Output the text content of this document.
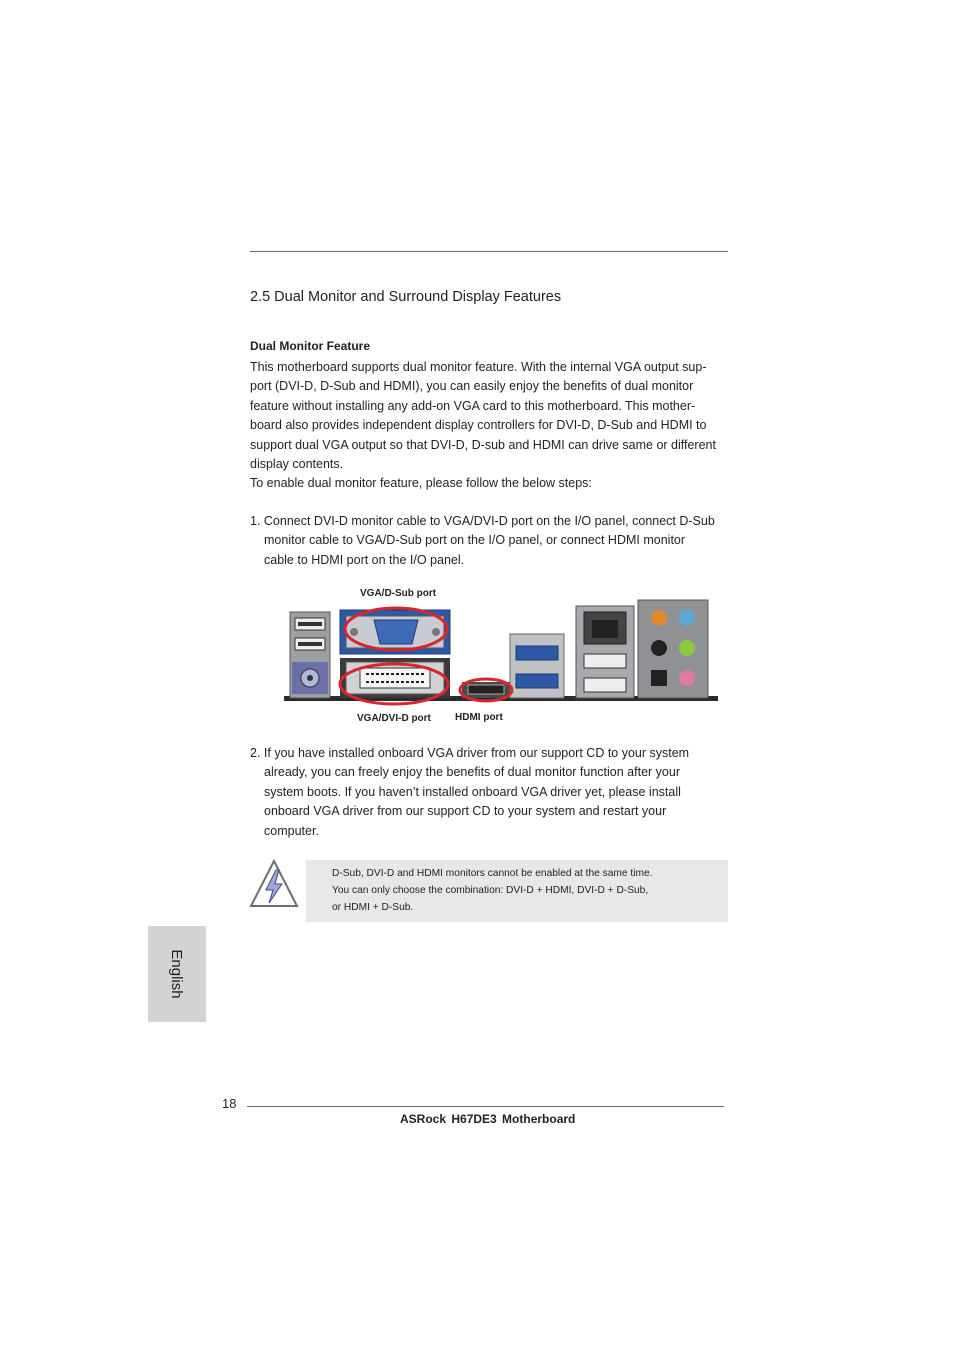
2.5 Dual Monitor and Surround Display Features
Dual Monitor Feature
This motherboard supports dual monitor feature. With the internal VGA output sup-
port (DVI-D, D-Sub and HDMI), you can easily enjoy the benefits of dual monitor
feature without installing any add-on VGA card to this motherboard. This mother-
board also provides independent display controllers for DVI-D, D-Sub and HDMI to
support dual VGA output so that DVI-D, D-sub and HDMI can drive same or different
display contents.
To enable dual monitor feature, please follow the below steps:
1. Connect DVI-D monitor cable to VGA/DVI-D port on the I/O panel, connect D-Sub
monitor cable to VGA/D-Sub port on the I/O panel, or connect HDMI monitor
cable to HDMI port on the I/O panel.
VGA/D-Sub port
VGA/DVI-D port HDMI port
2. If you have installed onboard VGA driver from our support CD to your system
already, you can freely enjoy the benefits of dual monitor function after your
system boots. If you haven’t installed onboard VGA driver yet, please install
onboard VGA driver from our support CD to your system and restart your
computer.
D-Sub, DVI-D and HDMI monitors cannot be enabled at the same time.
You can only choose the combination: DVI-D + HDMI, DVI-D + D-Sub,
or HDMI + D-Sub.
English
18
ASRock H67DE3 Motherboard
